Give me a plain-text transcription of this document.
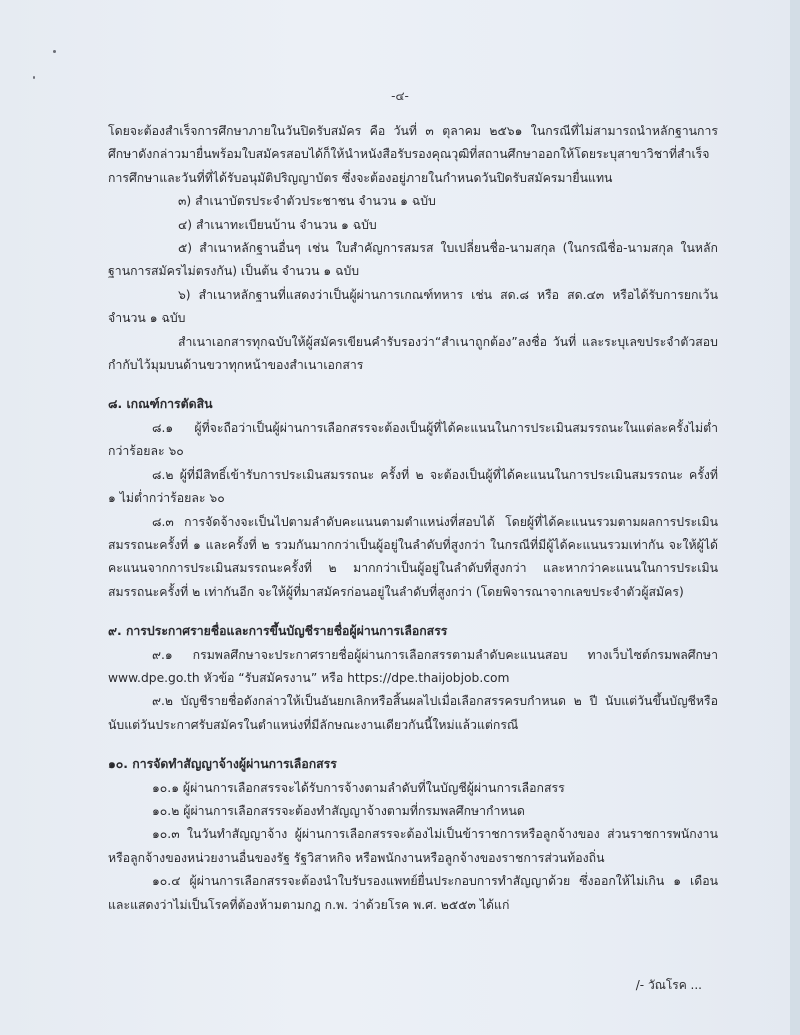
-๔-

โดยจะต้องสำเร็จการศึกษาภายในวันปิดรับสมัคร คือ วันที่ ๓ ตุลาคม ๒๕๖๑ ในกรณีที่ไม่สามารถนำหลักฐานการศึกษาดังกล่าวมายื่นพร้อมใบสมัครสอบได้ก็ให้นำหนังสือรับรองคุณวุฒิที่สถานศึกษาออกให้โดยระบุสาขาวิชาที่สำเร็จการศึกษาและวันที่ที่ได้รับอนุมัติปริญญาบัตร ซึ่งจะต้องอยู่ภายในกำหนดวันปิดรับสมัครมายื่นแทน

๓) สำเนาบัตรประจำตัวประชาชน จำนวน ๑ ฉบับ

๔) สำเนาทะเบียนบ้าน จำนวน ๑ ฉบับ

๕) สำเนาหลักฐานอื่นๆ เช่น ใบสำคัญการสมรส ใบเปลี่ยนชื่อ-นามสกุล (ในกรณีชื่อ-นามสกุล ในหลักฐานการสมัครไม่ตรงกัน) เป็นต้น จำนวน ๑ ฉบับ

๖) สำเนาหลักฐานที่แสดงว่าเป็นผู้ผ่านการเกณฑ์ทหาร เช่น สด.๘ หรือ สด.๔๓ หรือได้รับการยกเว้น จำนวน ๑ ฉบับ

สำเนาเอกสารทุกฉบับให้ผู้สมัครเขียนคำรับรองว่า“สำเนาถูกต้อง”ลงชื่อ วันที่ และระบุเลขประจำตัวสอบกำกับไว้มุมบนด้านขวาทุกหน้าของสำเนาเอกสาร

๘. เกณฑ์การตัดสิน

๘.๑ ผู้ที่จะถือว่าเป็นผู้ผ่านการเลือกสรรจะต้องเป็นผู้ที่ได้คะแนนในการประเมินสมรรถนะในแต่ละครั้งไม่ต่ำกว่าร้อยละ ๖๐

๘.๒ ผู้ที่มีสิทธิ์เข้ารับการประเมินสมรรถนะ ครั้งที่ ๒ จะต้องเป็นผู้ที่ได้คะแนนในการประเมินสมรรถนะ ครั้งที่ ๑ ไม่ต่ำกว่าร้อยละ ๖๐

๘.๓ การจัดจ้างจะเป็นไปตามลำดับคะแนนตามตำแหน่งที่สอบได้ โดยผู้ที่ได้คะแนนรวมตามผลการประเมินสมรรถนะครั้งที่ ๑ และครั้งที่ ๒ รวมกันมากกว่าเป็นผู้อยู่ในลำดับที่สูงกว่า ในกรณีที่มีผู้ได้คะแนนรวมเท่ากัน จะให้ผู้ได้คะแนนจากการประเมินสมรรถนะครั้งที่ ๒ มากกว่าเป็นผู้อยู่ในลำดับที่สูงกว่า และหากว่าคะแนนในการประเมินสมรรถนะครั้งที่ ๒ เท่ากันอีก จะให้ผู้ที่มาสมัครก่อนอยู่ในลำดับที่สูงกว่า (โดยพิจารณาจากเลขประจำตัวผู้สมัคร)

๙. การประกาศรายชื่อและการขึ้นบัญชีรายชื่อผู้ผ่านการเลือกสรร

๙.๑ กรมพลศึกษาจะประกาศรายชื่อผู้ผ่านการเลือกสรรตามลำดับคะแนนสอบ ทางเว็บไซต์กรมพลศึกษา www.dpe.go.th หัวข้อ “รับสมัครงาน” หรือ https://dpe.thaijobjob.com

๙.๒ บัญชีรายชื่อดังกล่าวให้เป็นอันยกเลิกหรือสิ้นผลไปเมื่อเลือกสรรครบกำหนด ๒ ปี นับแต่วันขึ้นบัญชีหรือนับแต่วันประกาศรับสมัครในตำแหน่งที่มีลักษณะงานเดียวกันนี้ใหม่แล้วแต่กรณี

๑๐. การจัดทำสัญญาจ้างผู้ผ่านการเลือกสรร

๑๐.๑ ผู้ผ่านการเลือกสรรจะได้รับการจ้างตามลำดับที่ในบัญชีผู้ผ่านการเลือกสรร

๑๐.๒ ผู้ผ่านการเลือกสรรจะต้องทำสัญญาจ้างตามที่กรมพลศึกษากำหนด

๑๐.๓ ในวันทำสัญญาจ้าง ผู้ผ่านการเลือกสรรจะต้องไม่เป็นข้าราชการหรือลูกจ้างของ ส่วนราชการพนักงานหรือลูกจ้างของหน่วยงานอื่นของรัฐ รัฐวิสาหกิจ หรือพนักงานหรือลูกจ้างของราชการส่วนท้องถิ่น

๑๐.๔ ผู้ผ่านการเลือกสรรจะต้องนำใบรับรองแพทย์ยื่นประกอบการทำสัญญาด้วย ซึ่งออกให้ไม่เกิน ๑ เดือน และแสดงว่าไม่เป็นโรคที่ต้องห้ามตามกฎ ก.พ. ว่าด้วยโรค พ.ศ. ๒๕๕๓ ได้แก่

/- วัณโรค ...
